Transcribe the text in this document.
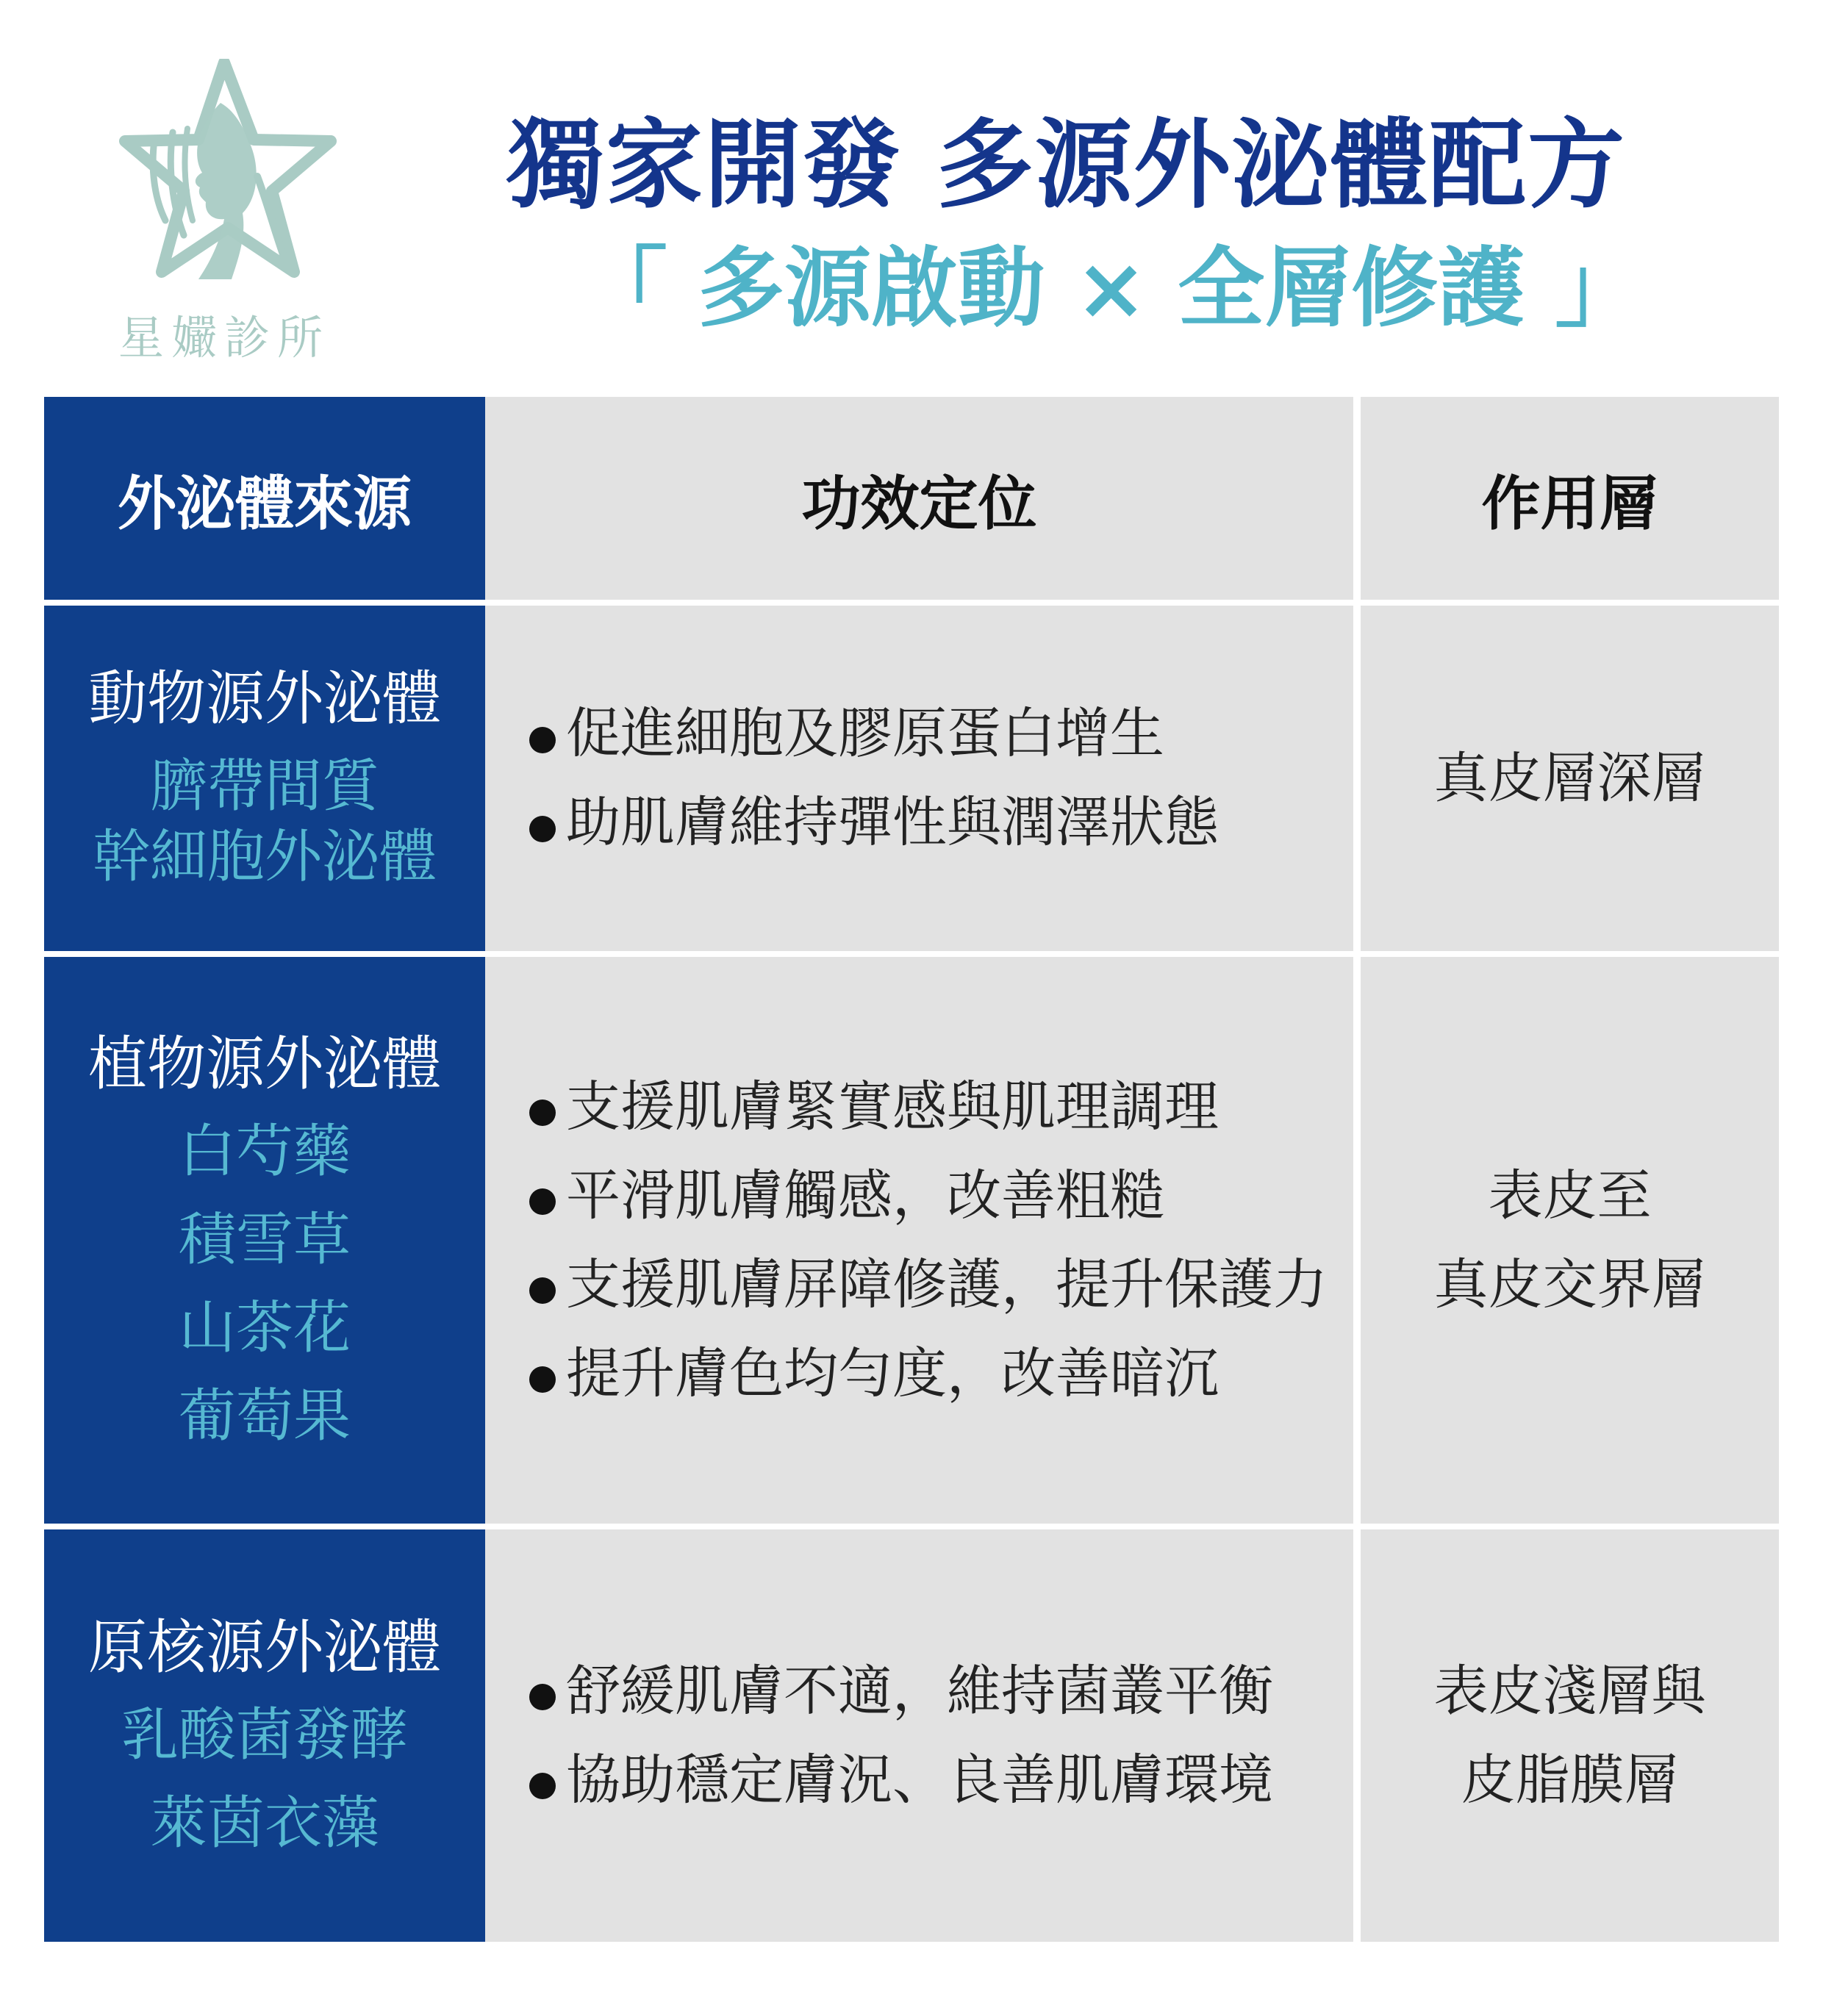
星孍診所
獨家開發 多源外泌體配方
「 多源啟動 × 全層修護 」
外泌體來源	功效定位	作用層
動物源外泌體
臍帶間質
幹細胞外泌體
促進細胞及膠原蛋白增生
助肌膚維持彈性與潤澤狀態
真皮層深層
植物源外泌體
白芍藥
積雪草
山茶花
葡萄果
支援肌膚緊實感與肌理調理
平滑肌膚觸感，改善粗糙
支援肌膚屏障修護，提升保護力
提升膚色均勻度，改善暗沉
表皮至
真皮交界層
原核源外泌體
乳酸菌發酵
萊茵衣藻
舒緩肌膚不適，維持菌叢平衡
協助穩定膚況、良善肌膚環境
表皮淺層與
皮脂膜層
